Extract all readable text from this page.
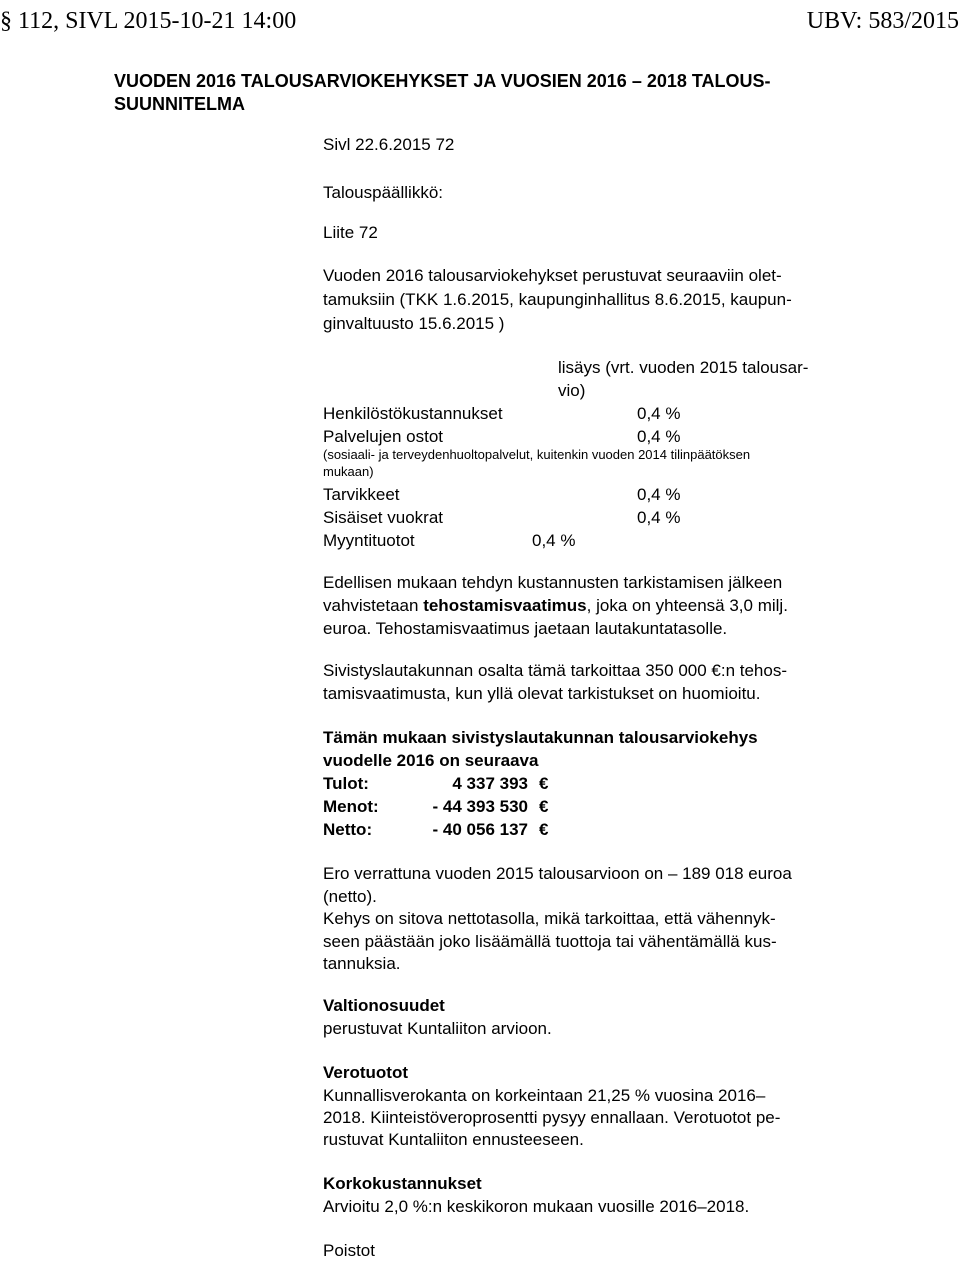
§ 112, SIVL 2015-10-21 14:00	UBV: 583/2015
VUODEN 2016 TALOUSARVIOKEHYKSET JA VUOSIEN 2016 – 2018 TALOUS-
SUUNNITELMA
Sivl 22.6.2015 72
Talouspäällikkö:
Liite 72
Vuoden 2016 talousarviokehykset perustuvat seuraaviin olet-
tamuksiin (TKK 1.6.2015, kaupunginhallitus 8.6.2015, kaupun-
ginvaltuusto 15.6.2015 )
lisäys (vrt. vuoden 2015 talousar-
vio)
Henkilöstökustannukset	0,4 %
Palvelujen ostot	0,4 %
(sosiaali- ja terveydenhuoltopalvelut, kuitenkin vuoden 2014 tilinpäätöksen
mukaan)
Tarvikkeet	0,4 %
Sisäiset vuokrat	0,4 %
Myyntituotot	0,4 %
Edellisen mukaan tehdyn kustannusten tarkistamisen jälkeen
vahvistetaan tehostamisvaatimus, joka on yhteensä 3,0 milj.
euroa. Tehostamisvaatimus jaetaan lautakuntatasolle.
Sivistyslautakunnan osalta tämä tarkoittaa 350 000 €:n tehos-
tamisvaatimusta, kun yllä olevat tarkistukset on huomioitu.
Tämän mukaan sivistyslautakunnan talousarviokehys
vuodelle 2016 on seuraava
Tulot:	4 337 393 €
Menot:	- 44 393 530 €
Netto:	- 40 056 137 €
Ero verrattuna vuoden 2015 talousarvioon on – 189 018 euroa
(netto).
Kehys on sitova nettotasolla, mikä tarkoittaa, että vähennyk-
seen päästään joko lisäämällä tuottoja tai vähentämällä kus-
tannuksia.
Valtionosuudet
perustuvat Kuntaliiton arvioon.
Verotuotot
Kunnallisverokanta on korkeintaan 21,25 % vuosina 2016–
2018. Kiinteistöveroprosentti pysyy ennallaan. Verotuotot pe-
rustuvat Kuntaliiton ennusteeseen.
Korkokustannukset
Arvioitu 2,0 %:n keskikoron mukaan vuosille 2016–2018.
Poistot
